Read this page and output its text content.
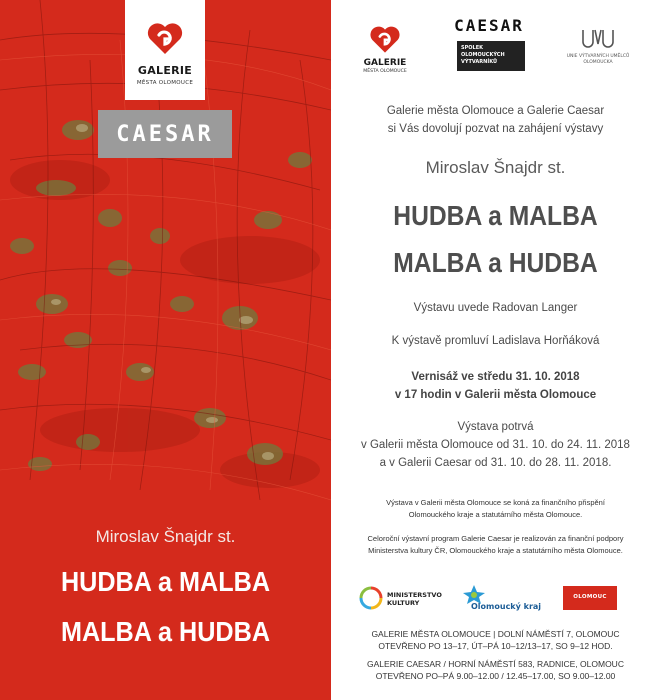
GALERIE
MĚSTA OLOMOUCE
CAESAR
Miroslav Šnajdr st.
HUDBA a MALBA
MALBA a HUDBA
GALERIE
MĚSTA OLOMOUCE
CAESAR
SPOLEK OLOMOUCKÝCH VÝTVARNÍKŮ
UNIE VÝTVARNÝCH UMĚLCŮ OLOMOUCKA
Galerie města Olomouce a Galerie Caesar
si Vás dovolují pozvat na zahájení výstavy
Miroslav Šnajdr st.
HUDBA a MALBA
MALBA a HUDBA
Výstavu uvede Radovan Langer
K výstavě promluví Ladislava Horňáková
Vernisáž ve středu 31. 10. 2018
v 17 hodin v Galerii města Olomouce
Výstava potrvá
v Galerii města Olomouce od 31. 10. do 24. 11. 2018
a v Galerii Caesar od 31. 10. do 28. 11. 2018.
Výstava v Galerii města Olomouce se koná za finančního přispění
Olomouckého kraje a statutárního města Olomouce.
Celoroční výstavní program Galerie Caesar je realizován za finanční podpory
Ministerstva kultury ČR, Olomouckého kraje a statutárního města Olomouce.
MINISTERSTVO
KULTURY	Olomoucký kraj
OLOMOUC
GALERIE MĚSTA OLOMOUCE | DOLNÍ NÁMĚSTÍ 7, OLOMOUC
OTEVŘENO PO 13–17, ÚT–PÁ 10–12/13–17, SO 9–12 HOD.
GALERIE CAESAR / HORNÍ NÁMĚSTÍ 583, RADNICE, OLOMOUC
OTEVŘENO PO–PÁ 9.00–12.00 / 12.45–17.00, SO 9.00–12.00
